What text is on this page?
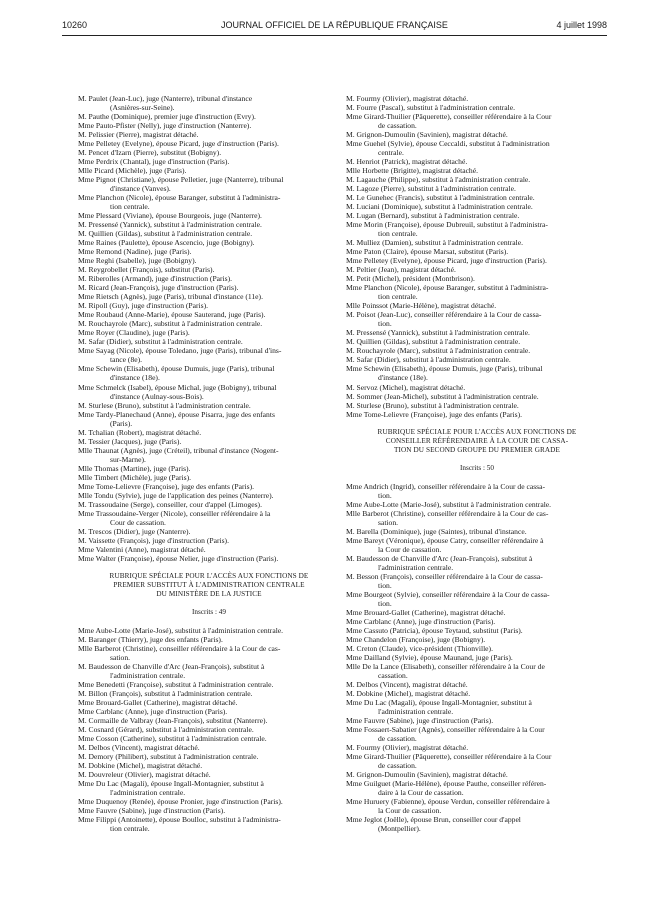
10260	JOURNAL OFFICIEL DE LA RÉPUBLIQUE FRANÇAISE	4 juillet 1998
M. Paulet (Jean-Luc), juge (Nanterre), tribunal d'instance
(Asnières-sur-Seine).
M. Pauthe (Dominique), premier juge d'instruction (Evry).
Mme Pauto-Pfister (Nelly), juge d'instruction (Nanterre).
M. Pelissier (Pierre), magistrat détaché.
Mme Pelletey (Evelyne), épouse Picard, juge d'instruction (Paris).
M. Pencet d'Izarn (Pierre), substitut (Bobigny).
Mme Perdrix (Chantal), juge d'instruction (Paris).
Mlle Picard (Michèle), juge (Paris).
Mme Pignot (Christiane), épouse Pelletier, juge (Nanterre), tribunal
d'instance (Vanves).
Mme Planchon (Nicole), épouse Baranger, substitut à l'administra-
tion centrale.
Mme Plessard (Viviane), épouse Bourgeois, juge (Nanterre).
M. Pressensé (Yannick), substitut à l'administration centrale.
M. Quillien (Gildas), substitut à l'administration centrale.
Mme Raines (Paulette), épouse Ascencio, juge (Bobigny).
Mme Remond (Nadine), juge (Paris).
Mme Reghi (Isabelle), juge (Bobigny).
M. Reygrobellet (François), substitut (Paris).
M. Riberolles (Armand), juge d'instruction (Paris).
M. Ricard (Jean-François), juge d'instruction (Paris).
Mme Rietsch (Agnès), juge (Paris), tribunal d'instance (11e).
M. Ripoll (Guy), juge d'instruction (Paris).
Mme Roubaud (Anne-Marie), épouse Sauterand, juge (Paris).
M. Rouchayrole (Marc), substitut à l'administration centrale.
Mme Royer (Claudine), juge (Paris).
M. Safar (Didier), substitut à l'administration centrale.
Mme Sayag (Nicole), épouse Toledano, juge (Paris), tribunal d'ins-
tance (8e).
Mme Schewin (Elisabeth), épouse Dumuis, juge (Paris), tribunal
d'instance (18e).
Mme Schmelck (Isabel), épouse Michal, juge (Bobigny), tribunal
d'instance (Aulnay-sous-Bois).
M. Sturlese (Bruno), substitut à l'administration centrale.
Mme Tardy-Planechaud (Anne), épouse Pisarra, juge des enfants
(Paris).
M. Tchalian (Robert), magistrat détaché.
M. Tessier (Jacques), juge (Paris).
Mlle Thaunat (Agnès), juge (Créteil), tribunal d'instance (Nogent-
sur-Marne).
Mlle Thomas (Martine), juge (Paris).
Mlle Timbert (Michèle), juge (Paris).
Mme Tome-Lelievre (Françoise), juge des enfants (Paris).
Mlle Tondu (Sylvie), juge de l'application des peines (Nanterre).
M. Trassoudaine (Serge), conseiller, cour d'appel (Limoges).
Mme Trassoudaine-Verger (Nicole), conseiller référendaire à la
Cour de cassation.
M. Trescos (Didier), juge (Nanterre).
M. Vaissette (François), juge d'instruction (Paris).
Mme Valentini (Anne), magistrat détaché.
Mme Walter (Françoise), épouse Nelier, juge d'instruction (Paris).
RUBRIQUE SPÉCIALE POUR L'ACCÈS AUX FONCTIONS DE
PREMIER SUBSTITUT À L'ADMINISTRATION CENTRALE
DU MINISTÈRE DE LA JUSTICE
Inscrits : 49
Mme Aube-Lotte (Marie-José), substitut à l'administration centrale.
M. Baranger (Thierry), juge des enfants (Paris).
Mlle Barberot (Christine), conseiller référendaire à la Cour de cas-
sation.
M. Baudesson de Chanville d'Arc (Jean-François), substitut à
l'administration centrale.
Mme Benedetti (Françoise), substitut à l'administration centrale.
M. Billon (François), substitut à l'administration centrale.
Mme Brouard-Gallet (Catherine), magistrat détaché.
Mme Carblanc (Anne), juge d'instruction (Paris).
M. Cormaille de Valbray (Jean-François), substitut (Nanterre).
M. Cosnard (Gérard), substitut à l'administration centrale.
Mme Cosson (Catherine), substitut à l'administration centrale.
M. Delbos (Vincent), magistrat détaché.
M. Demory (Philibert), substitut à l'administration centrale.
M. Dobkine (Michel), magistrat détaché.
M. Douvreleur (Olivier), magistrat détaché.
Mme Du Lac (Magali), épouse Ingall-Montagnier, substitut à
l'administration centrale.
Mme Duquenoy (Renée), épouse Pronier, juge d'instruction (Paris).
Mme Fauvre (Sabine), juge d'instruction (Paris).
Mme Filippi (Antoinette), épouse Boulloc, substitut à l'administra-
tion centrale.
M. Fourmy (Olivier), magistrat détaché.
M. Fourre (Pascal), substitut à l'administration centrale.
Mme Girard-Thuilier (Pâquerette), conseiller référendaire à la Cour
de cassation.
M. Grignon-Dumoulin (Savinien), magistrat détaché.
Mme Guehel (Sylvie), épouse Ceccaldi, substitut à l'administration
centrale.
M. Henriot (Patrick), magistrat détaché.
Mlle Horbette (Brigitte), magistrat détaché.
M. Lagauche (Philippe), substitut à l'administration centrale.
M. Lagoze (Pierre), substitut à l'administration centrale.
M. Le Gunehec (Francis), substitut à l'administration centrale.
M. Luciani (Dominique), substitut à l'administration centrale.
M. Lugan (Bernard), substitut à l'administration centrale.
Mme Morin (Françoise), épouse Dubreuil, substitut à l'administra-
tion centrale.
M. Mulliez (Damien), substitut à l'administration centrale.
Mme Paton (Claire), épouse Marsat, substitut (Paris).
Mme Pelletey (Evelyne), épouse Picard, juge d'instruction (Paris).
M. Peltier (Jean), magistrat détaché.
M. Petit (Michel), président (Montbrison).
Mme Planchon (Nicole), épouse Baranger, substitut à l'administra-
tion centrale.
Mlle Poinssot (Marie-Hélène), magistrat détaché.
M. Poisot (Jean-Luc), conseiller référendaire à la Cour de cassa-
tion.
M. Pressensé (Yannick), substitut à l'administration centrale.
M. Quillien (Gildas), substitut à l'administration centrale.
M. Rouchayrole (Marc), substitut à l'administration centrale.
M. Safar (Didier), substitut à l'administration centrale.
Mme Schewin (Elisabeth), épouse Dumuis, juge (Paris), tribunal
d'instance (18e).
M. Servoz (Michel), magistrat détaché.
M. Sommer (Jean-Michel), substitut à l'administration centrale.
M. Sturlese (Bruno), substitut à l'administration centrale.
Mme Tome-Lelievre (Françoise), juge des enfants (Paris).
RUBRIQUE SPÉCIALE POUR L'ACCÈS AUX FONCTIONS DE
CONSEILLER RÉFÉRENDAIRE À LA COUR DE CASSA-
TION DU SECOND GROUPE DU PREMIER GRADE
Inscrits : 50
Mme Andrich (Ingrid), conseiller référendaire à la Cour de cassa-
tion.
Mme Aube-Lotte (Marie-José), substitut à l'administration centrale.
Mlle Barberot (Christine), conseiller référendaire à la Cour de cas-
sation.
M. Barella (Dominique), juge (Saintes), tribunal d'instance.
Mme Bareyt (Véronique), épouse Catry, conseiller référendaire à
la Cour de cassation.
M. Baudesson de Chanville d'Arc (Jean-François), substitut à
l'administration centrale.
M. Besson (François), conseiller référendaire à la Cour de cassa-
tion.
Mme Bourgeot (Sylvie), conseiller référendaire à la Cour de cassa-
tion.
Mme Brouard-Gallet (Catherine), magistrat détaché.
Mme Carblanc (Anne), juge d'instruction (Paris).
Mme Cassuto (Patricia), épouse Teytaud, substitut (Paris).
Mme Chandelon (Françoise), juge (Bobigny).
M. Creton (Claude), vice-président (Thionville).
Mme Dailland (Sylvie), épouse Maunand, juge (Paris).
Mlle De la Lance (Elisabeth), conseiller référendaire à la Cour de
cassation.
M. Delbos (Vincent), magistrat détaché.
M. Dobkine (Michel), magistrat détaché.
Mme Du Lac (Magali), épouse Ingall-Montagnier, substitut à
l'administration centrale.
Mme Fauvre (Sabine), juge d'instruction (Paris).
Mme Fossaert-Sabatier (Agnès), conseiller référendaire à la Cour
de cassation.
M. Fourmy (Olivier), magistrat détaché.
Mme Girard-Thuilier (Pâquerette), conseiller référendaire à la Cour
de cassation.
M. Grignon-Dumoulin (Savinien), magistrat détaché.
Mme Guilguet (Marie-Hélène), épouse Pauthe, conseiller référen-
daire à la Cour de cassation.
Mme Huruery (Fabienne), épouse Verdun, conseiller référendaire à
la Cour de cassation.
Mme Jeglot (Joëlle), épouse Brun, conseiller cour d'appel
(Montpellier).
